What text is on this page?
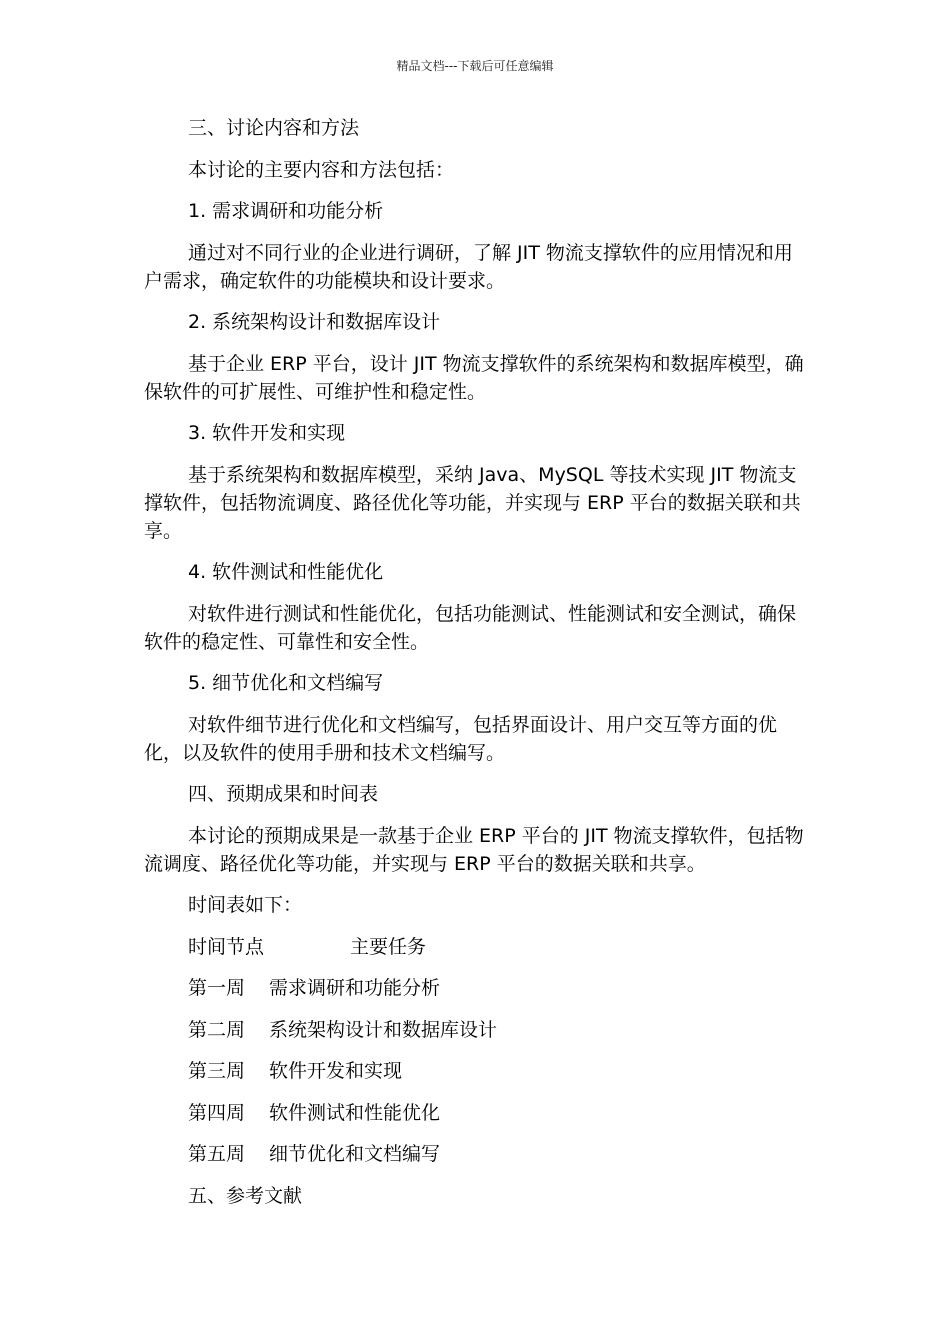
精品文档---下载后可任意编辑

三、讨论内容和方法

本讨论的主要内容和方法包括：

1. 需求调研和功能分析

通过对不同行业的企业进行调研，了解 JIT 物流支撑软件的应用情况和用户需求，确定软件的功能模块和设计要求。

2. 系统架构设计和数据库设计

基于企业 ERP 平台，设计 JIT 物流支撑软件的系统架构和数据库模型，确保软件的可扩展性、可维护性和稳定性。

3. 软件开发和实现

基于系统架构和数据库模型，采纳 Java、MySQL 等技术实现 JIT 物流支撑软件，包括物流调度、路径优化等功能，并实现与 ERP 平台的数据关联和共享。

4. 软件测试和性能优化

对软件进行测试和性能优化，包括功能测试、性能测试和安全测试，确保软件的稳定性、可靠性和安全性。

5. 细节优化和文档编写

对软件细节进行优化和文档编写，包括界面设计、用户交互等方面的优化，以及软件的使用手册和技术文档编写。

四、预期成果和时间表

本讨论的预期成果是一款基于企业 ERP 平台的 JIT 物流支撑软件，包括物流调度、路径优化等功能，并实现与 ERP 平台的数据关联和共享。

时间表如下：

时间节点	主要任务
第一周 需求调研和功能分析
第二周 系统架构设计和数据库设计
第三周 软件开发和实现
第四周 软件测试和性能优化
第五周 细节优化和文档编写

五、参考文献
